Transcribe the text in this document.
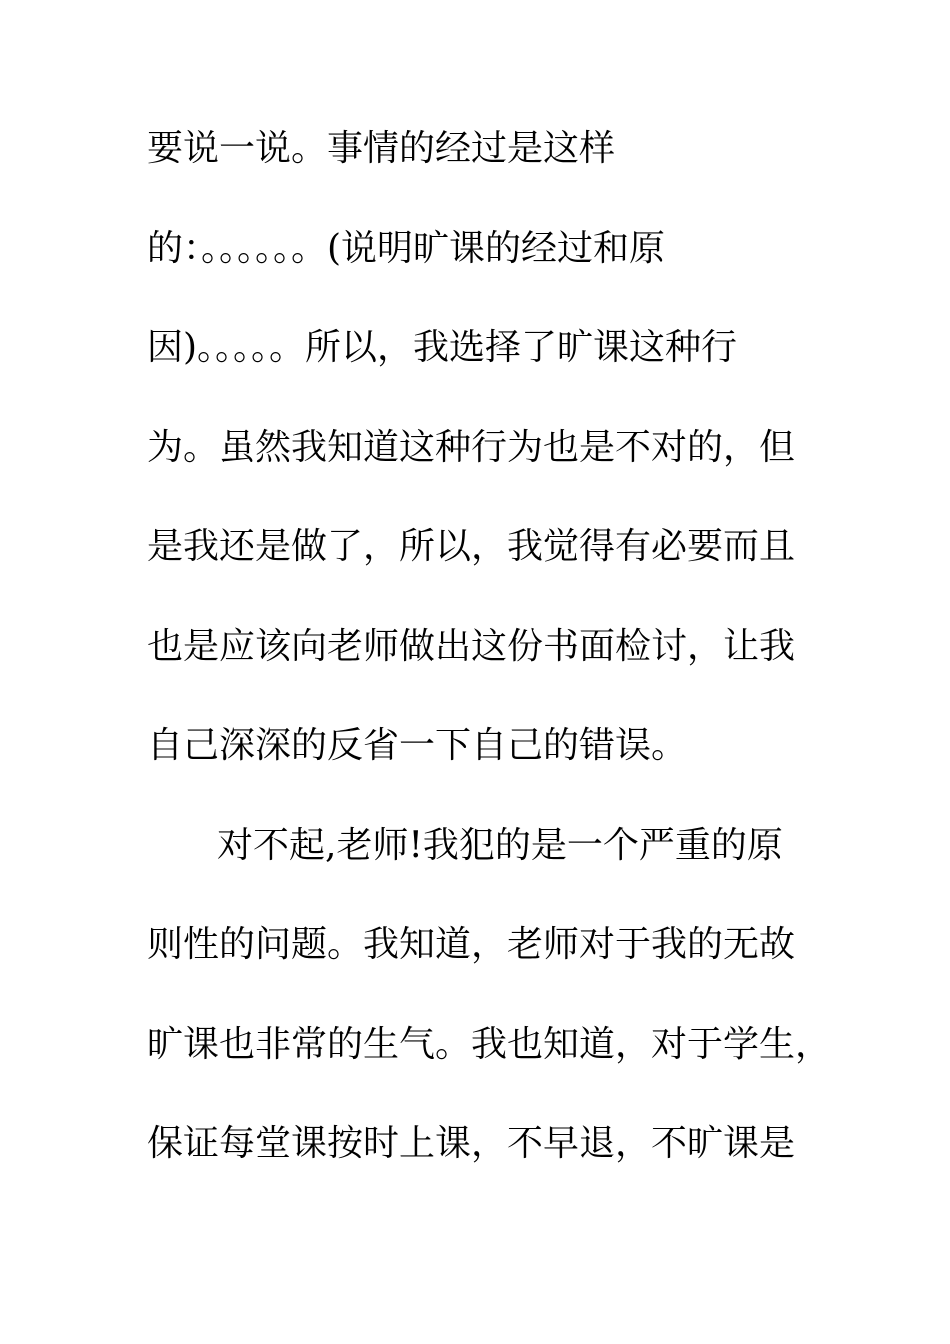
要说一说。事情的经过是这样
的：。。。。。。(说明旷课的经过和原
因)。。。。。所以，我选择了旷课这种行
为。虽然我知道这种行为也是不对的，但
是我还是做了，所以，我觉得有必要而且
也是应该向老师做出这份书面检讨，让我
自己深深的反省一下自己的错误。
对不起,老师!我犯的是一个严重的原
则性的问题。我知道，老师对于我的无故
旷课也非常的生气。我也知道，对于学生，
保证每堂课按时上课，不早退，不旷课是
